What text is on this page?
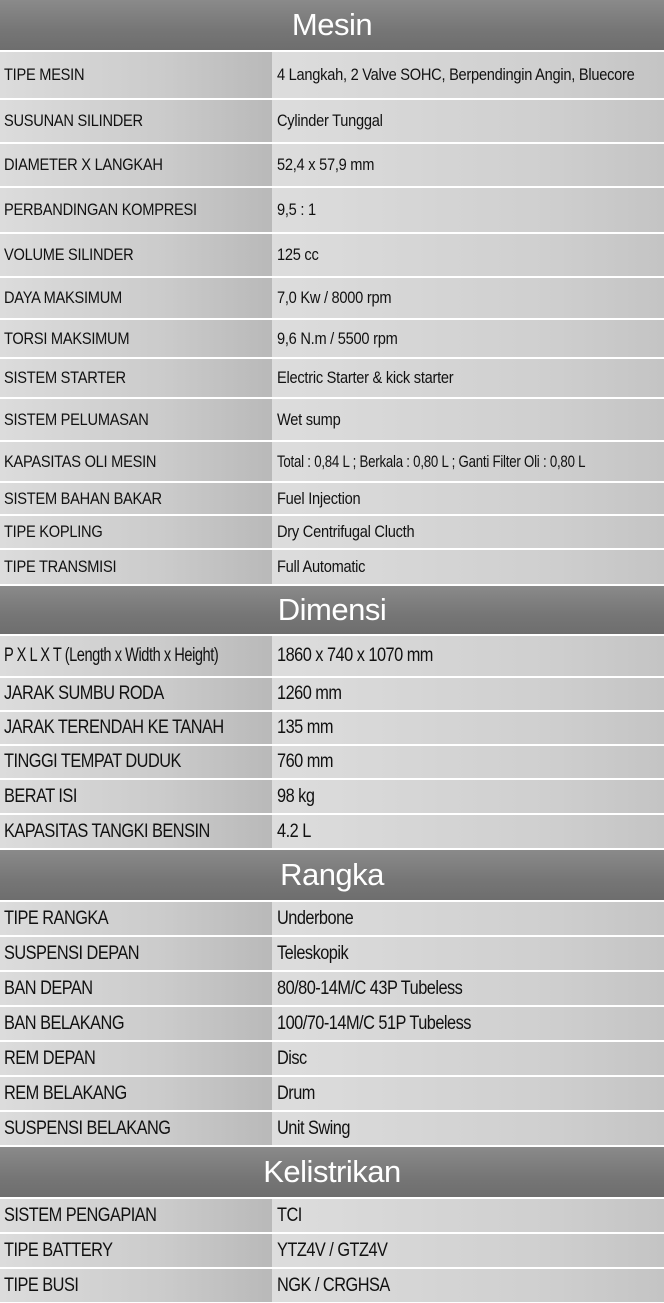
Mesin
TIPE MESIN	4 Langkah, 2 Valve SOHC, Berpendingin Angin, Bluecore
SUSUNAN SILINDER	Cylinder Tunggal
DIAMETER X LANGKAH	52,4 x 57,9 mm
PERBANDINGAN KOMPRESI	9,5 : 1
VOLUME SILINDER	125 cc
DAYA MAKSIMUM	7,0 Kw / 8000 rpm
TORSI MAKSIMUM	9,6 N.m / 5500 rpm
SISTEM STARTER	Electric Starter & kick starter
SISTEM PELUMASAN	Wet sump
KAPASITAS OLI MESIN	Total : 0,84 L ; Berkala : 0,80 L ; Ganti Filter Oli : 0,80 L
SISTEM BAHAN BAKAR	Fuel Injection
TIPE KOPLING	Dry Centrifugal Clucth
TIPE TRANSMISI	Full Automatic
Dimensi
P X L X T (Length x Width x Height)	1860 x 740 x 1070 mm
JARAK SUMBU RODA	1260 mm
JARAK TERENDAH KE TANAH	135 mm
TINGGI TEMPAT DUDUK	760 mm
BERAT ISI	98 kg
KAPASITAS TANGKI BENSIN	4.2 L
Rangka
TIPE RANGKA	Underbone
SUSPENSI DEPAN	Teleskopik
BAN DEPAN	80/80-14M/C 43P Tubeless
BAN BELAKANG	100/70-14M/C 51P Tubeless
REM DEPAN	Disc
REM BELAKANG	Drum
SUSPENSI BELAKANG	Unit Swing
Kelistrikan
SISTEM PENGAPIAN	TCI
TIPE BATTERY	YTZ4V / GTZ4V
TIPE BUSI	NGK / CRGHSA
